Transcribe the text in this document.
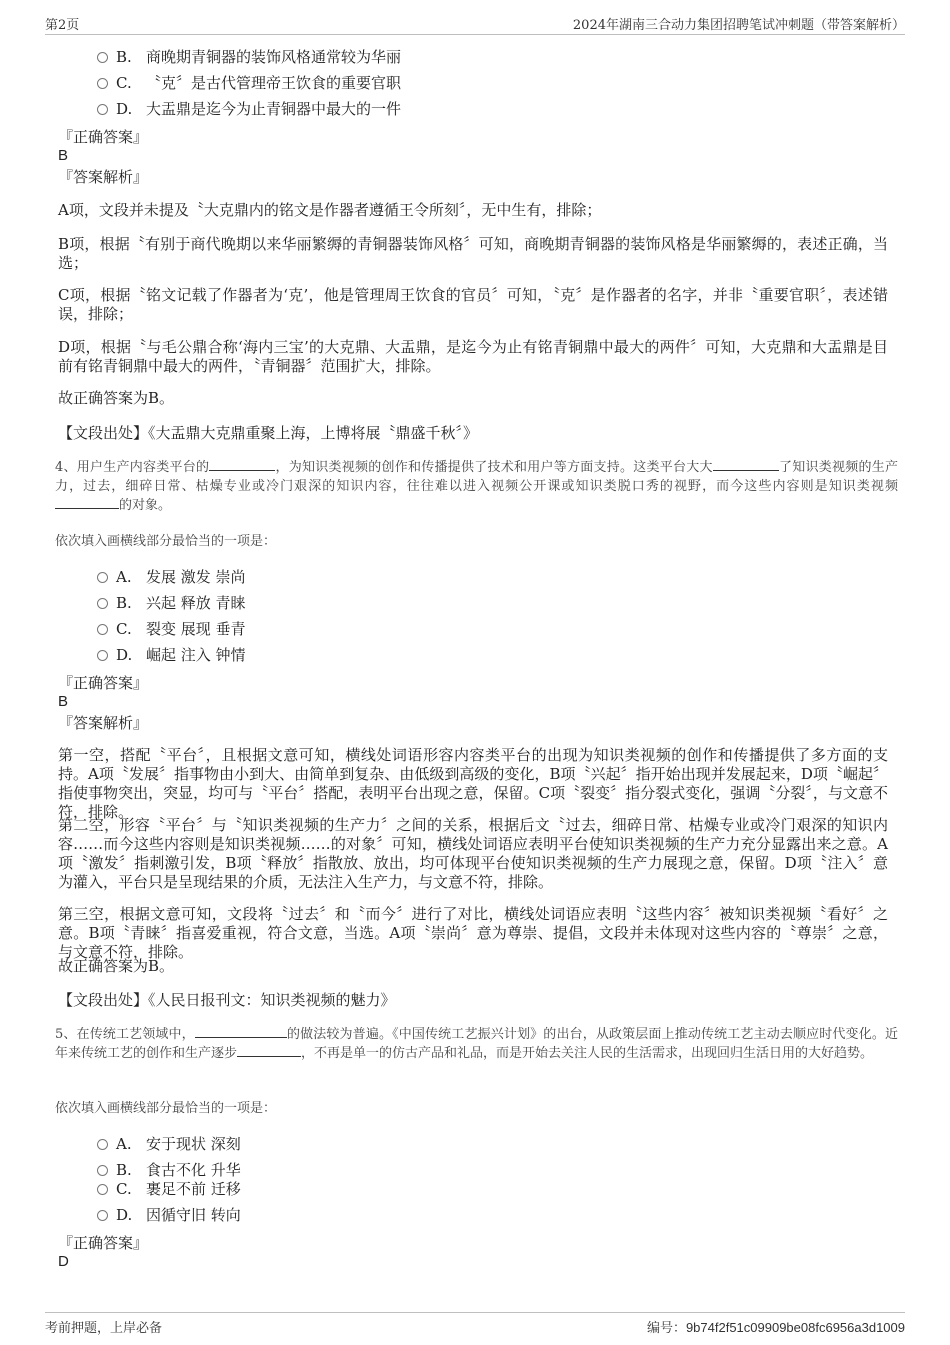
第2页	2024年湖南三合动力集团招聘笔试冲刺题（带答案解析）
B. 商晚期青铜器的装饰风格通常较为华丽
C. 〝克〞是古代管理帝王饮食的重要官职
D. 大盂鼎是迄今为止青铜器中最大的一件
『正确答案』
B
『答案解析』
A项，文段并未提及〝大克鼎内的铭文是作器者遵循王令所刻〞，无中生有，排除；
B项，根据〝有别于商代晚期以来华丽繁缛的青铜器装饰风格〞可知，商晚期青铜器的装饰风格是华丽繁缛的，表述正确，当选；
C项，根据〝铭文记载了作器者为‘克’，他是管理周王饮食的官员〞可知，〝克〞是作器者的名字，并非〝重要官职〞，表述错误，排除；
D项，根据〝与毛公鼎合称‘海内三宝’的大克鼎、大盂鼎，是迄今为止有铭青铜鼎中最大的两件〞可知，大克鼎和大盂鼎是目前有铭青铜鼎中最大的两件，〝青铜器〞范围扩大，排除。
故正确答案为B。
【文段出处】《大盂鼎大克鼎重聚上海，上博将展〝鼎盛千秋〞》
4、用户生产内容类平台的	，为知识类视频的创作和传播提供了技术和用户等方面支持。这类平台大大	了知识类视频的生产力，过去，细碎日常、枯燥专业或冷门艰深的知识内容，往往难以进入视频公开课或知识类脱口秀的视野，而今这些内容则是知识类视频的对象。
依次填入画横线部分最恰当的一项是：
A. 发展 激发 崇尚
B. 兴起 释放 青睐
C. 裂变 展现 垂青
D. 崛起 注入 钟情
『正确答案』
B
『答案解析』
第一空，搭配〝平台〞，且根据文意可知，横线处词语形容内容类平台的出现为知识类视频的创作和传播提供了多方面的支持。A项〝发展〞指事物由小到大、由简单到复杂、由低级到高级的变化，B项〝兴起〞指开始出现并发展起来，D项〝崛起〞指使事物突出，突显，均可与〝平台〞搭配，表明平台出现之意，保留。C项〝裂变〞指分裂式变化，强调〝分裂〞，与文意不符，排除。
第二空，形容〝平台〞与〝知识类视频的生产力〞之间的关系，根据后文〝过去，细碎日常、枯燥专业或冷门艰深的知识内容……而今这些内容则是知识类视频……的对象〞可知，横线处词语应表明平台使知识类视频的生产力充分显露出来之意。A项〝激发〞指刺激引发，B项〝释放〞指散放、放出，均可体现平台使知识类视频的生产力展现之意，保留。D项〝注入〞意为灌入，平台只是呈现结果的介质，无法注入生产力，与文意不符，排除。
第三空，根据文意可知，文段将〝过去〞和〝而今〞进行了对比，横线处词语应表明〝这些内容〞被知识类视频〝看好〞之意。B项〝青睐〞指喜爱重视，符合文意，当选。A项〝崇尚〞意为尊崇、提倡，文段并未体现对这些内容的〝尊崇〞之意，与文意不符，排除。
故正确答案为B。
【文段出处】《人民日报刊文：知识类视频的魅力》
5、在传统工艺领域中，	的做法较为普遍。《中国传统工艺振兴计划》的出台，从政策层面上推动传统工艺主动去顺应时代变化。近年来传统工艺的创作和生产逐步	，不再是单一的仿古产品和礼品，而是开始去关注人民的生活需求，出现回归生活日用的大好趋势。
依次填入画横线部分最恰当的一项是：
A. 安于现状 深刻
B. 食古不化 升华
C. 裹足不前 迁移
D. 因循守旧 转向
『正确答案』
D
考前押题，上岸必备	编号：9b74f2f51c09909be08fc6956a3d1009
